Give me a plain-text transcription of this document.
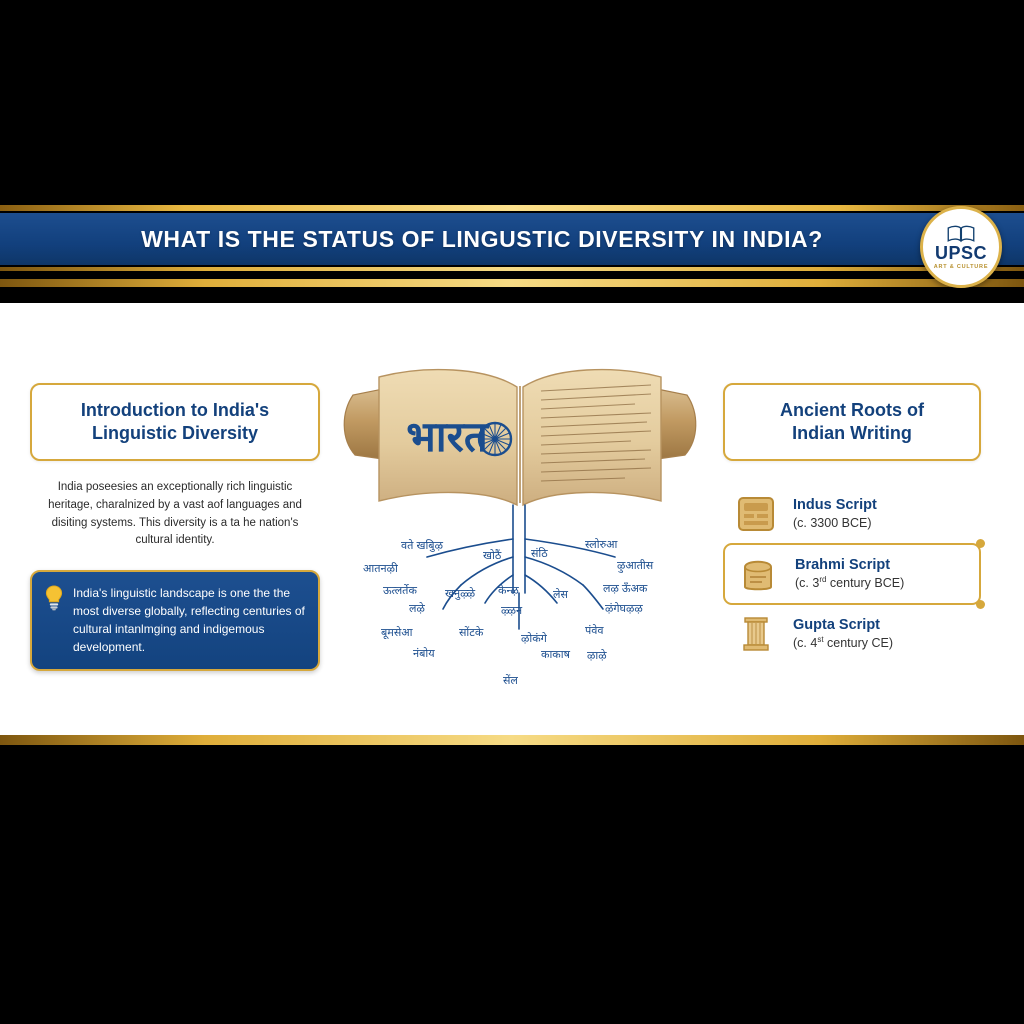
WHAT IS THE STATUS OF LINGUSTIC DIVERSITY IN INDIA?
UPSC
ART & CULTURE
Introduction to India's
Linguistic Diversity
India poseesies an exceptionally rich linguistic heritage, charalnized by a vast aof languages and disiting systems. This diversity is a ta he nation's cultural identity.
India's linguistic landscape is one the the most diverse globally, reflecting centuries of cultural intanlmging and indigemous development.
भारत
वते खबुिऴ
खोठैं	संठि
स्लोरुआ
आतनऴी	ऴुआतीस
ऊत्लर्तेक	खनुऴ्ऴे केन्ऴ	लेस	लऴ ऊँअक
लऴे	ऴ्ऴन	ऴंगेघऴऴ
बूमसेआ	सोंटके	ऴोकंगे
पंवेव
नंबोय	काकाष ऴाऴे
सेंल
Ancient Roots of
Indian Writing
Indus Script
(c. 3300 BCE)
Brahmi Script
(c. 3rd century BCE)
Gupta Script
(c. 4st century CE)
